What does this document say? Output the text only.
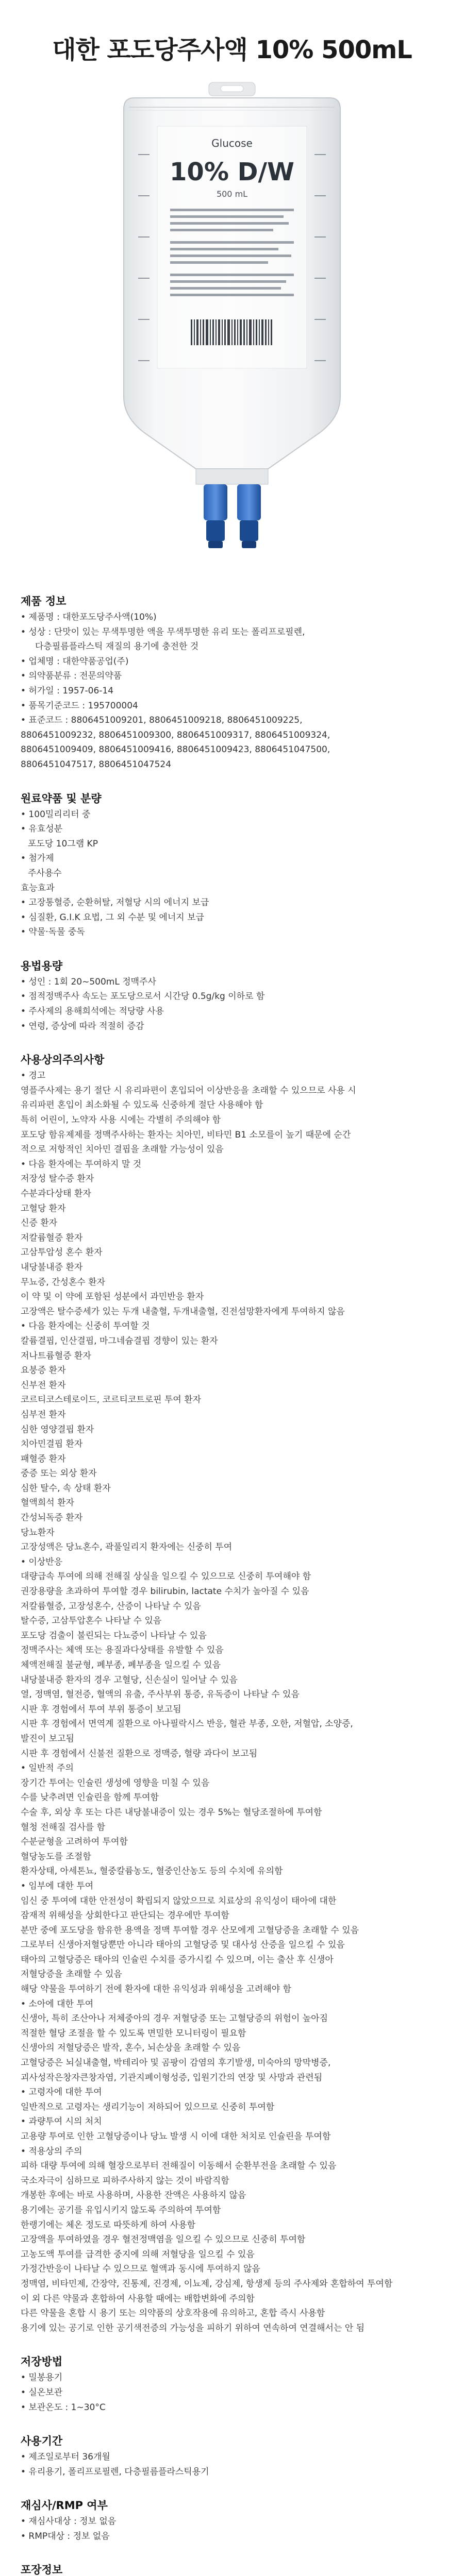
대한 포도당주사액 10% 500mL
Glucose
10% D/W
500 mL
제품 정보
• 제품명 : 대한포도당주사액(10%)
• 성상 : 단맛이 있는 무색투명한 액을 무색투명한 유리 또는 폴리프로필렌,
다층필름플라스틱 재질의 용기에 충전한 것
• 업체명 : 대한약품공업(주)
• 의약품분류 : 전문의약품
• 허가일 : 1957-06-14
• 품목기준코드 : 195700004
• 표준코드 : 8806451009201, 8806451009218, 8806451009225,
8806451009232, 8806451009300, 8806451009317, 8806451009324,
8806451009409, 8806451009416, 8806451009423, 8806451047500,
8806451047517, 8806451047524
원료약품 및 분량
• 100밀리리터 중
• 유효성분
포도당 10그램 KP
• 첨가제
주사용수
효능효과
• 고장통혈증, 순환허탈, 저혈당 시의 에너지 보급
• 심질환, G.I.K 요법, 그 외 수분 및 에너지 보급
• 약물·독물 중독
용법용량
• 성인 : 1회 20~500mL 정맥주사
• 점적정맥주사 속도는 포도당으로서 시간당 0.5g/kg 이하로 함
• 주사제의 용해희석에는 적당량 사용
• 연령, 증상에 따라 적절히 증감
사용상의주의사항
• 경고
영플주사제는 용기 절단 시 유리파편이 혼입되어 이상반응을 초래할 수 있으므로 사용 시
유리파편 혼입이 최소화될 수 있도록 신중하게 절단 사용해야 함
특히 어린이, 노약자 사용 시에는 각별히 주의해야 함
포도당 함유제제를 정맥주사하는 환자는 치아민, 비타민 B1 소모를이 높기 때문에 순간
적으로 저항적인 치아민 결핍을 초래할 가능성이 있음
• 다음 환자에는 투여하지 말 것
저장성 탈수증 환자
수분과다상태 환자
고혈당 환자
신증 환자
저칼륨혈증 환자
고삼투압성 혼수 환자
내당불내증 환자
무뇨증, 간성혼수 환자
이 약 및 이 약에 포함된 성분에서 과민반응 환자
고장액은 탈수증세가 있는 두개 내출혈, 두개내출혈, 진전섬망환자에게 투여하지 않음
• 다음 환자에는 신중히 투여할 것
칼륨결핍, 인산결핍, 마그네슘결핍 경향이 있는 환자
저나트륨혈증 환자
요붕증 환자
신부전 환자
코르티코스테로이드, 코르티코트로핀 투여 환자
심부전 환자
심한 영양결핍 환자
치아민결핍 환자
패혈증 환자
중증 또는 외상 환자
심한 탈수, 속 상태 환자
혈액희석 환자
간성뇌독증 환자
당뇨환자
고장성액은 당뇨혼수, 곽풀일리지 환자에는 신중히 투여
• 이상반응
대량급속 투여에 의해 전해질 상실을 일으킬 수 있으므로 신중히 투여해야 함
권장용량을 초과하여 투여할 경우 bilirubin, lactate 수치가 높아질 수 있음
저칼륨혈증, 고장성혼수, 산증이 나타날 수 있음
탈수증, 고삼투압혼수 나타날 수 있음
포도당 검출이 불린되는 다뇨증이 나타날 수 있음
정맥주사는 체액 또는 용질과다상태를 유발할 수 있음
체액전해질 불균형, 폐부종, 폐부종을 일으킬 수 있음
내당불내증 환자의 경우 고혈당, 신손실이 일어날 수 있음
열, 정맥염, 혈전증, 혈액의 유출, 주사부위 통증, 유독증이 나타날 수 있음
시판 후 경험에서 투여 부위 통증이 보고됨
시판 후 경험에서 면역계 질환으로 아나필락시스 반응, 혈관 부종, 오한, 저혈압, 소양증,
발진이 보고됨
시판 후 경험에서 신불전 질환으로 정맥증, 혈량 과다이 보고됨
• 일반적 주의
장기간 투여는 인슐린 생성에 영향을 미칠 수 있음
수를 낮추려면 인슐린을 함께 투여함
수술 후, 외상 후 또는 다른 내당불내증이 있는 경우 5%는 혈당조절하에 투여함
혈청 전해질 검사를 함
수분균형을 고려하여 투여함
혈당농도를 조절함
환자상태, 아세톤뇨, 혈중칼륨농도, 혈중인산농도 등의 수치에 유의함
• 임부에 대한 투여
임신 중 투여에 대한 안전성이 확립되지 않았으므로 치료상의 유익성이 태아에 대한
잠재적 위해성을 상회한다고 판단되는 경우에만 투여함
분만 중에 포도당을 함유한 용액을 정맥 투여할 경우 산모에게 고혈당증을 초래할 수 있음
그로부터 신생아저혈당뿐만 아니라 태아의 고혈당증 및 대사성 산증을 일으킬 수 있음
태아의 고혈당증은 태아의 인슐린 수치를 증가시킬 수 있으며, 이는 출산 후 신생아
저혈당증을 초래할 수 있음
해당 약물을 투여하기 전에 환자에 대한 유익성과 위해성을 고려해야 함
• 소아에 대한 투여
신생아, 특히 조산아나 저체중아의 경우 저혈당증 또는 고혈당증의 위험이 높아짐
적절한 혈당 조절을 할 수 있도록 면밀한 모니터링이 필요함
신생아의 저혈당증은 발작, 혼수, 뇌손상을 초래할 수 있음
고혈당증은 뇌실내출혈, 박테리아 및 곰팡이 감염의 후기발생, 미숙아의 망막병증,
괴사성작은창자큰창자염, 기관지폐이형성증, 입원기간의 연장 및 사망과 관련됨
• 고령자에 대한 투여
일반적으로 고령자는 생리기능이 저하되어 있으므로 신중히 투여함
• 과량투여 시의 처치
고용량 투여로 인한 고혈당증이나 당뇨 발생 시 이에 대한 처치로 인슐린을 투여함
• 적용상의 주의
피하 대량 투여에 의해 혈장으로부터 전해질이 이동해서 순환부전을 초래할 수 있음
국소자극이 심하므로 피하주사하지 않는 것이 바람직함
개봉한 후에는 바로 사용하며, 사용한 잔액은 사용하지 않음
용기에는 공기를 유입시키지 않도록 주의하여 투여함
한랭기에는 체온 정도로 따뜻하게 하여 사용함
고장액을 투여하였을 경우 혈전정맥염을 일으킬 수 있으므로 신중히 투여함
고농도액 투여를 급격한 중지에 의해 저혈당을 일으킬 수 있음
가정간반응이 나타날 수 있으므로 혈액과 동시에 투여하지 않음
정맥염, 비타민제, 간장약, 진통제, 진경제, 이뇨제, 강심제, 항생제 등의 주사제와 혼합하여 투여함
이 외 다른 약물과 혼합하여 사용할 때에는 배합변화에 주의함
다른 약물을 혼합 시 용기 또는 의약품의 상호작용에 유의하고, 혼합 즉시 사용함
용기에 있는 공기로 인한 공기색전증의 가능성을 피하기 위하여 연속하여 연결해서는 안 됨
저장방법
• 밀봉용기
• 실온보관
• 보관온도 : 1~30°C
사용기간
• 제조일로부터 36개월
• 유리용기, 폴리프로필렌, 다층필름플라스틱용기
재심사/RMP 여부
• 재심사대상 : 정보 없음
• RMP대상 : 정보 없음
포장정보
